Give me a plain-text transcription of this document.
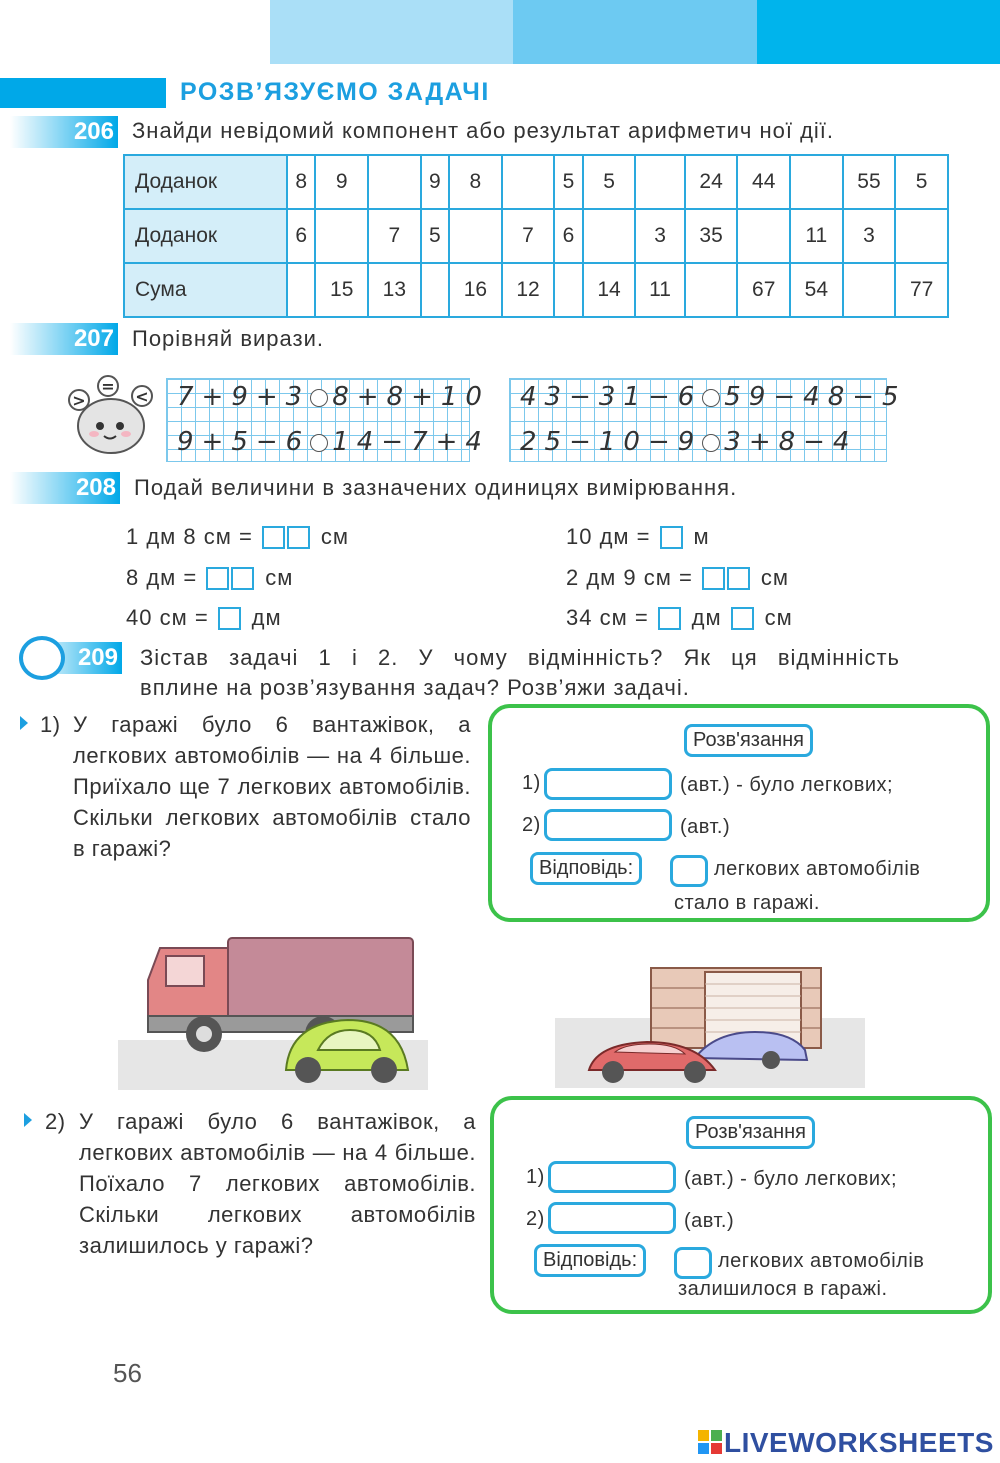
РОЗВ’ЯЗУЄМО ЗАДАЧІ
206 Знайди невідомий компонент або результат арифметич ної дії.
Доданок	8	9		9	8		5	5		24	44		55	5
Доданок	6		7	5		7	6		3	35		11	3	
Сума		15	13		16	12		14	11		67	54		77
207 Порівняй вирази.
>
=
< 7+9+3 8+8+10
9+5−6 14−7+4
43−31−6 59−48−5
25−10−9 3+8−4
208 Подай величини в зазначених одиницях вимірювання.
1 дм 8 см =	см
8 дм =	см
40 см = дм
10 дм = м
2 дм 9 см =	см
34 см = дм см
209 Зістав задачі 1 і 2. У чому відмінність? Як ця відмінність
вплине на розв’язування задач? Розв’яжи задачі.
1) У гаражі було 6 вантажівок, а легкових автомобілів — на 4 більше. Приїхало ще 7 легкових автомобілів. Скільки легкових автомобілів стало в гаражі?
Розв'язання
1)	(авт.) - було легкових;
2)	(авт.)
Відповідь:	легкових автомобілів
стало в гаражі.
2) У гаражі було 6 вантажівок, а легкових автомобілів — на 4 більше. Поїхало 7 легкових автомобілів. Скільки легкових автомобілів залишилось у гаражі?
Розв'язання
1)	(авт.) - було легкових;
2)	(авт.)
Відповідь:	легкових автомобілів
залишилося в гаражі.
56
LIVEWORKSHEETS
